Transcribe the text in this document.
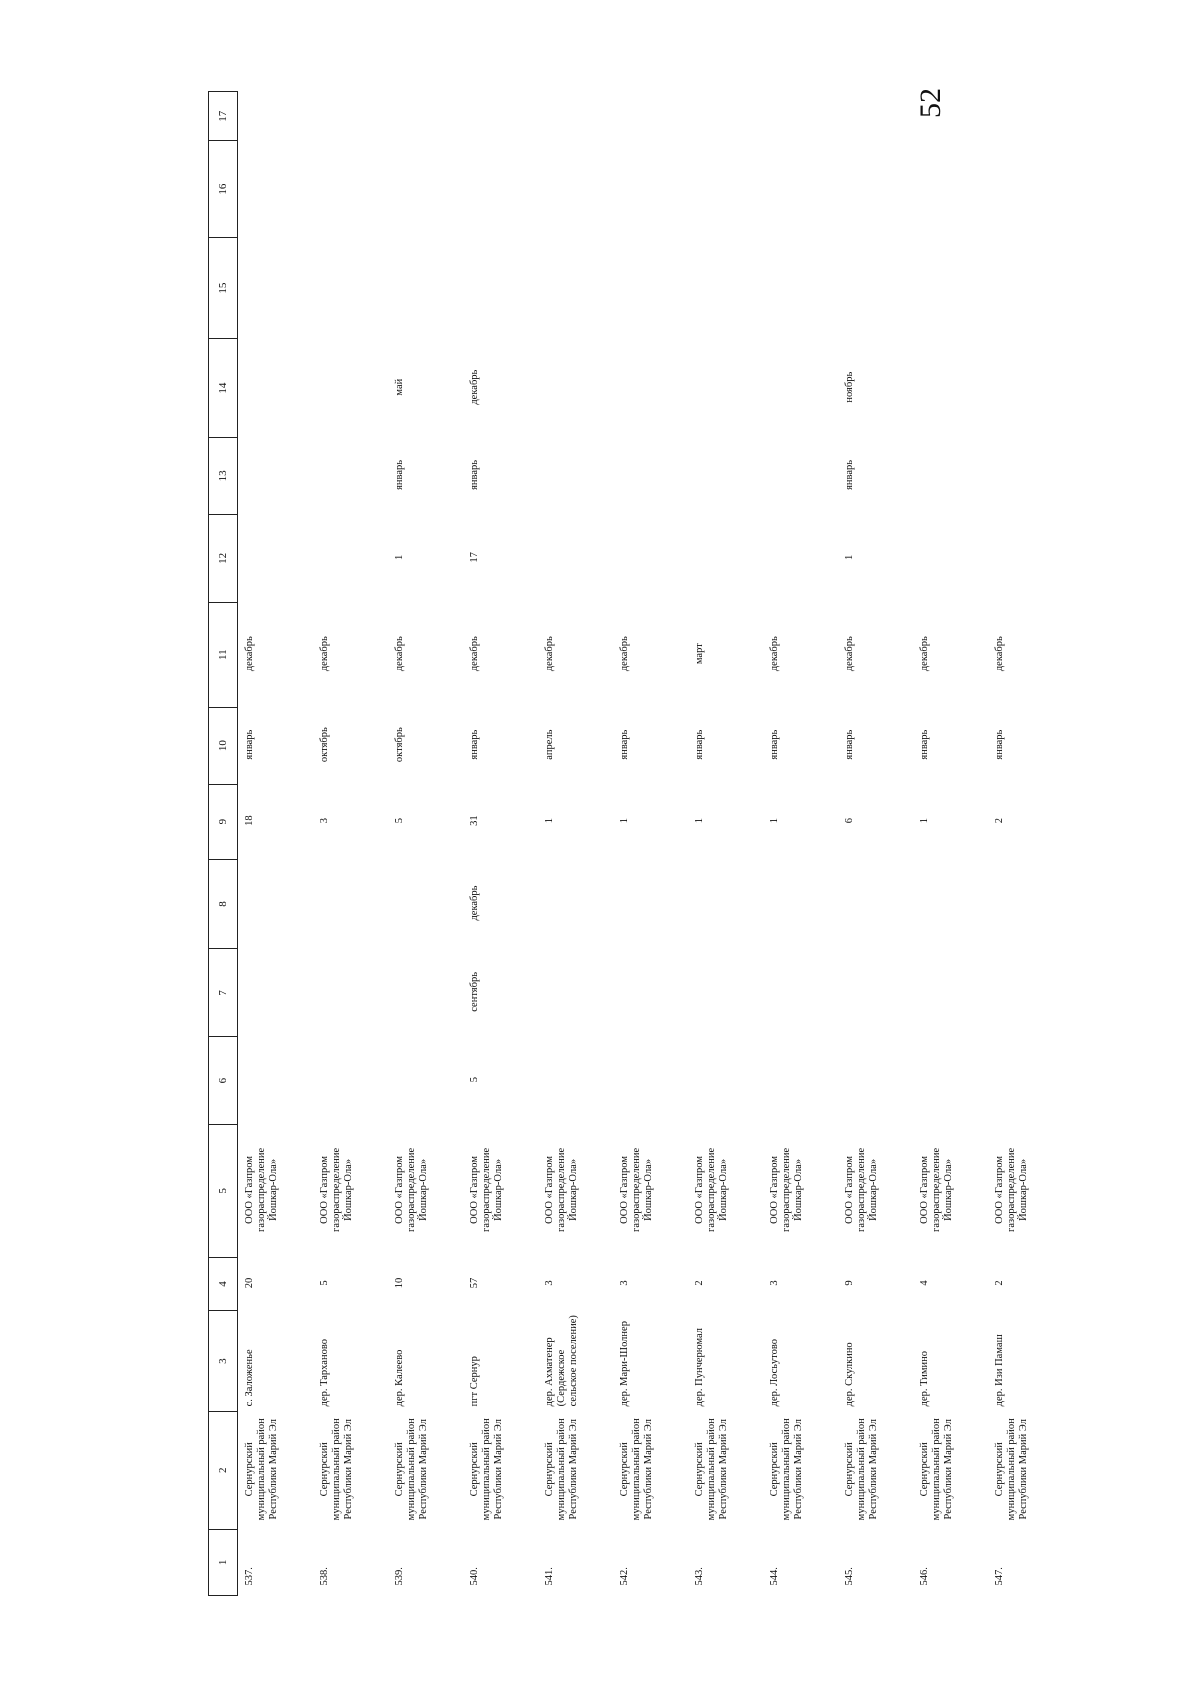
52
1	2	3	4	5	6	7	8	9	10	11	12	13	14	15	16	17
537.	Сернурский муниципальный район Республики Марий Эл	с. Заложенье	20	ООО «Газпром газораспределение Йошкар-Ола»				18	январь	декабрь						
538.	Сернурский муниципальный район Республики Марий Эл	дер. Тарханово	5	ООО «Газпром газораспределение Йошкар-Ола»				3	октябрь	декабрь						
539.	Сернурский муниципальный район Республики Марий Эл	дер. Калеево	10	ООО «Газпром газораспределение Йошкар-Ола»				5	октябрь	декабрь	1	январь	май			
540.	Сернурский муниципальный район Республики Марий Эл	пгт Сернур	57	ООО «Газпром газораспределение Йошкар-Ола»	5	сентябрь	декабрь	31	январь	декабрь	17	январь	декабрь			
541.	Сернурский муниципальный район Республики Марий Эл	дер. Ахматенер (Сердежское сельское поселение)	3	ООО «Газпром газораспределение Йошкар-Ола»				1	апрель	декабрь						
542.	Сернурский муниципальный район Республики Марий Эл	дер. Мари-Шолнер	3	ООО «Газпром газораспределение Йошкар-Ола»				1	январь	декабрь						
543.	Сернурский муниципальный район Республики Марий Эл	дер. Пунчерюмал	2	ООО «Газпром газораспределение Йошкар-Ола»				1	январь	март						
544.	Сернурский муниципальный район Республики Марий Эл	дер. Лосьутово	3	ООО «Газпром газораспределение Йошкар-Ола»				1	январь	декабрь						
545.	Сернурский муниципальный район Республики Марий Эл	дер. Скулкино	9	ООО «Газпром газораспределение Йошкар-Ола»				6	январь	декабрь	1	январь	ноябрь			
546.	Сернурский муниципальный район Республики Марий Эл	дер. Тимино	4	ООО «Газпром газораспределение Йошкар-Ола»				1	январь	декабрь						
547.	Сернурский муниципальный район Республики Марий Эл	дер. Изи Памаш	2	ООО «Газпром газораспределение Йошкар-Ола»				2	январь	декабрь						
